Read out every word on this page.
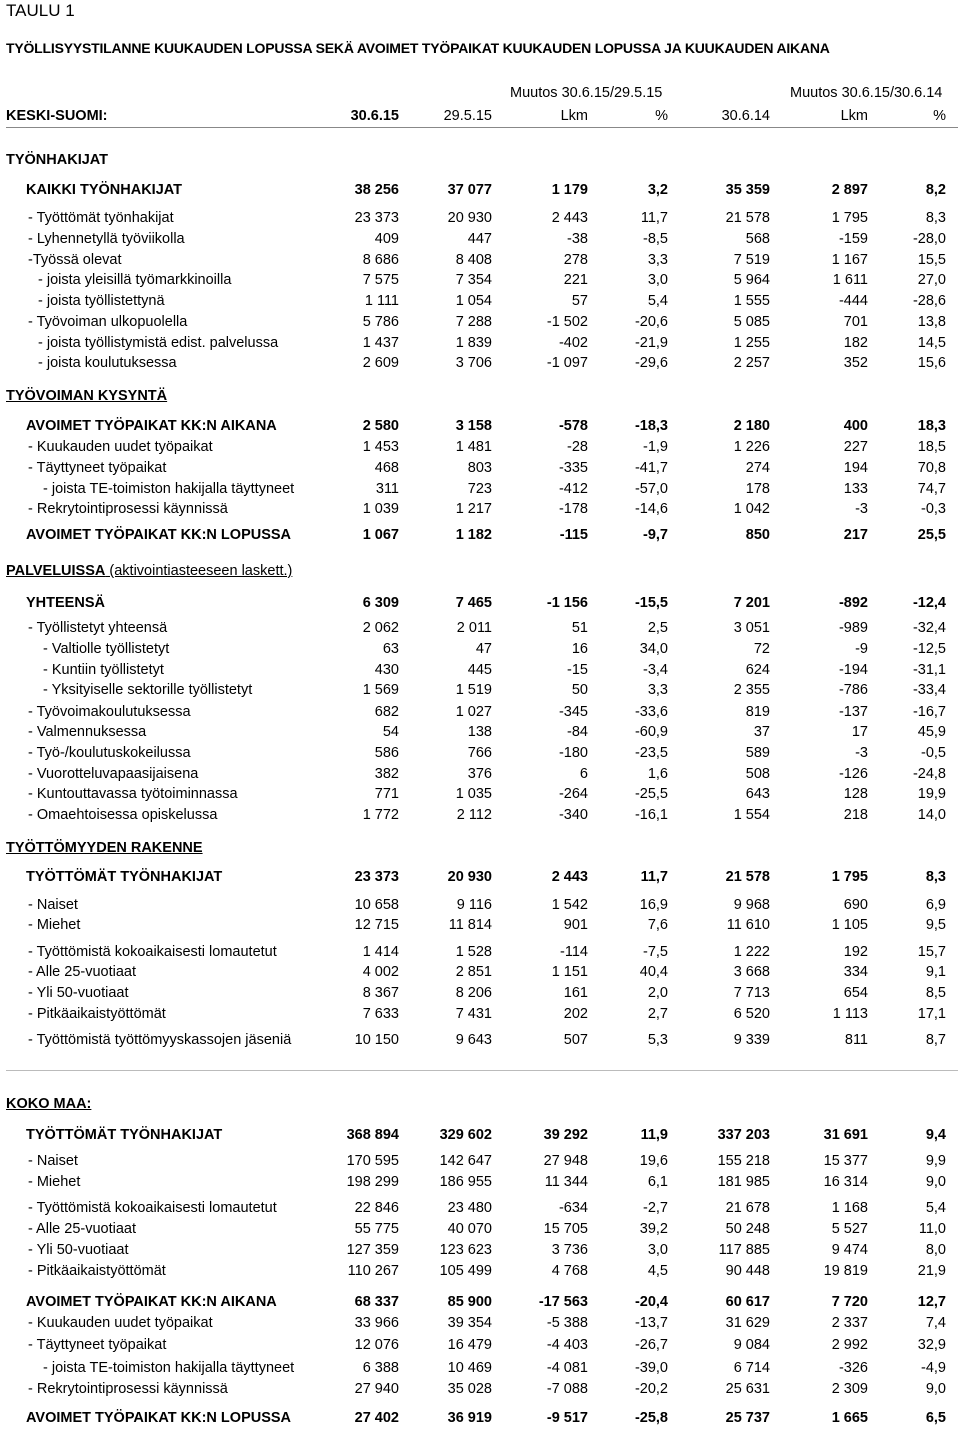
TAULU 1
TYÖLLISYYSTILANNE KUUKAUDEN LOPUSSA SEKÄ AVOIMET TYÖPAIKAT KUUKAUDEN LOPUSSA JA KUUKAUDEN AIKANA
Muutos 30.6.15/29.5.15	Muutos 30.6.15/30.6.14
KESKI-SUOMI:	30.6.15	29.5.15	Lkm	%	30.6.14	Lkm	%
TYÖNHAKIJAT
KAIKKI TYÖNHAKIJAT	38 256	37 077	1 179	3,2	35 359	2 897	8,2
- Työttömät työnhakijat	23 373	20 930	2 443	11,7	21 578	1 795	8,3
- Lyhennetyllä työviikolla	409	447	-38	-8,5	568	-159	-28,0
-Työssä olevat	8 686	8 408	278	3,3	7 519	1 167	15,5
- joista yleisillä työmarkkinoilla	7 575	7 354	221	3,0	5 964	1 611	27,0
- joista työllistettynä	1 111	1 054	57	5,4	1 555	-444	-28,6
- Työvoiman ulkopuolella	5 786	7 288	-1 502	-20,6	5 085	701	13,8
- joista työllistymistä edist. palvelussa	1 437	1 839	-402	-21,9	1 255	182	14,5
- joista koulutuksessa	2 609	3 706	-1 097	-29,6	2 257	352	15,6
TYÖVOIMAN KYSYNTÄ
AVOIMET TYÖPAIKAT KK:N AIKANA	2 580	3 158	-578	-18,3	2 180	400	18,3
- Kuukauden uudet työpaikat	1 453	1 481	-28	-1,9	1 226	227	18,5
- Täyttyneet työpaikat	468	803	-335	-41,7	274	194	70,8
- joista TE-toimiston hakijalla täyttyneet	311	723	-412	-57,0	178	133	74,7
- Rekrytointiprosessi käynnissä	1 039	1 217	-178	-14,6	1 042	-3	-0,3
AVOIMET TYÖPAIKAT KK:N LOPUSSA	1 067	1 182	-115	-9,7	850	217	25,5
PALVELUISSA (aktivointiasteeseen laskett.)
YHTEENSÄ	6 309	7 465	-1 156	-15,5	7 201	-892	-12,4
- Työllistetyt yhteensä	2 062	2 011	51	2,5	3 051	-989	-32,4
- Valtiolle työllistetyt	63	47	16	34,0	72	-9	-12,5
- Kuntiin työllistetyt	430	445	-15	-3,4	624	-194	-31,1
- Yksityiselle sektorille työllistetyt	1 569	1 519	50	3,3	2 355	-786	-33,4
- Työvoimakoulutuksessa	682	1 027	-345	-33,6	819	-137	-16,7
- Valmennuksessa	54	138	-84	-60,9	37	17	45,9
- Työ-/koulutuskokeilussa	586	766	-180	-23,5	589	-3	-0,5
- Vuorotteluvapaasijaisena	382	376	6	1,6	508	-126	-24,8
- Kuntouttavassa työtoiminnassa	771	1 035	-264	-25,5	643	128	19,9
- Omaehtoisessa opiskelussa	1 772	2 112	-340	-16,1	1 554	218	14,0
TYÖTTÖMYYDEN RAKENNE
TYÖTTÖMÄT TYÖNHAKIJAT	23 373	20 930	2 443	11,7	21 578	1 795	8,3
- Naiset	10 658	9 116	1 542	16,9	9 968	690	6,9
- Miehet	12 715	11 814	901	7,6	11 610	1 105	9,5
- Työttömistä kokoaikaisesti lomautetut	1 414	1 528	-114	-7,5	1 222	192	15,7
- Alle 25-vuotiaat	4 002	2 851	1 151	40,4	3 668	334	9,1
- Yli 50-vuotiaat	8 367	8 206	161	2,0	7 713	654	8,5
- Pitkäaikaistyöttömät	7 633	7 431	202	2,7	6 520	1 113	17,1
- Työttömistä työttömyyskassojen jäseniä	10 150	9 643	507	5,3	9 339	811	8,7
KOKO MAA:
TYÖTTÖMÄT TYÖNHAKIJAT	368 894	329 602	39 292	11,9	337 203	31 691	9,4
- Naiset	170 595	142 647	27 948	19,6	155 218	15 377	9,9
- Miehet	198 299	186 955	11 344	6,1	181 985	16 314	9,0
- Työttömistä kokoaikaisesti lomautetut	22 846	23 480	-634	-2,7	21 678	1 168	5,4
- Alle 25-vuotiaat	55 775	40 070	15 705	39,2	50 248	5 527	11,0
- Yli 50-vuotiaat	127 359	123 623	3 736	3,0	117 885	9 474	8,0
- Pitkäaikaistyöttömät	110 267	105 499	4 768	4,5	90 448	19 819	21,9
AVOIMET TYÖPAIKAT KK:N AIKANA	68 337	85 900	-17 563	-20,4	60 617	7 720	12,7
- Kuukauden uudet työpaikat	33 966	39 354	-5 388	-13,7	31 629	2 337	7,4
- Täyttyneet työpaikat	12 076	16 479	-4 403	-26,7	9 084	2 992	32,9
- joista TE-toimiston hakijalla täyttyneet	6 388	10 469	-4 081	-39,0	6 714	-326	-4,9
- Rekrytointiprosessi käynnissä	27 940	35 028	-7 088	-20,2	25 631	2 309	9,0
AVOIMET TYÖPAIKAT KK:N LOPUSSA	27 402	36 919	-9 517	-25,8	25 737	1 665	6,5
